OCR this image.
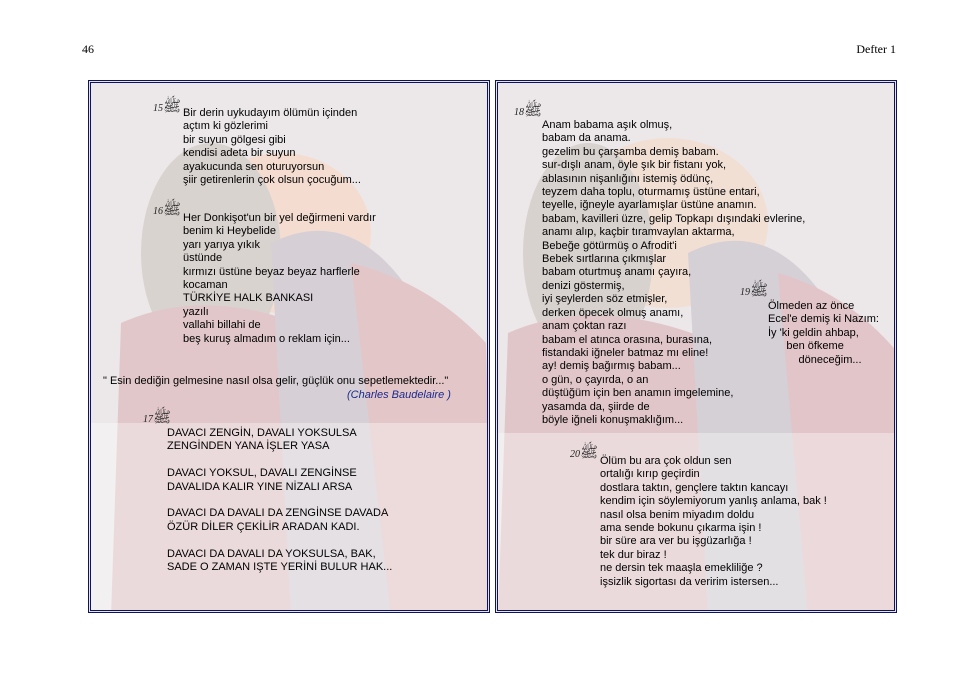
46	Defter 1
ﷺ15	Bir derin uykudayım ölümün içinden
açtım ki gözlerimi
bir suyun gölgesi gibi
kendisi adeta bir suyun
ayakucunda sen oturuyorsun
şiir getirenlerin çok olsun çocuğum...
ﷺ16
Her Donkişot'un bir yel değirmeni vardır
benim ki Heybelide
yarı yarıya yıkık
üstünde
kırmızı üstüne beyaz beyaz harflerle
kocaman
TÜRKİYE HALK BANKASI
yazılı
vallahi billahi de
beş kuruş almadım o reklam için...
" Esin dediğin gelmesine nasıl olsa gelir, güçlük onu sepetlemektedir..."
(Charles Baudelaire )
ﷺ17
DAVACI ZENGİN, DAVALI YOKSULSA
ZENGİNDEN YANA İŞLER YASA

DAVACI YOKSUL, DAVALI ZENGİNSE
DAVALIDA KALIR YINE NİZALI ARSA

DAVACI DA DAVALI DA ZENGİNSE DAVADA
ÖZÜR DİLER ÇEKİLİR ARADAN KADI.

DAVACI DA DAVALI DA YOKSULSA, BAK,
SADE O ZAMAN IŞTE YERİNİ BULUR HAK...
ﷺ18
Anam babama aşık olmuş,
babam da anama.
gezelim bu çarşamba demiş babam.
sur-dışlı anam, öyle şık bir fistanı yok,
ablasının nişanlığını istemiş ödünç,
teyzem daha toplu, oturmamış üstüne entari,
teyelle, iğneyle ayarlamışlar üstüne anamın.
babam, kavilleri üzre, gelip Topkapı dışındaki evlerine,
anamı alıp, kaçbir tıramvaylan aktarma,
Bebeğe götürmüş o Afrodit'i
Bebek sırtlarına çıkmışlar
babam oturtmuş anamı çayıra,
denizi göstermiş,
iyi şeylerden söz etmişler,
derken öpecek olmuş anamı,
anam çoktan razı
babam el atınca orasına, burasına,
fistandaki iğneler batmaz mı eline!
ay! demiş bağırmış babam...
o gün, o çayırda, o an
düştüğüm için ben anamın imgelemine,
yasamda da, şiirde de
böyle iğneli konuşmaklığım...
ﷺ19
Ölmeden az önce
Ecel'e demiş ki Nazım:
İy 'ki geldin ahbap,
ben öfkeme
döneceğim...
ﷺ20
Ölüm bu ara çok oldun sen
ortalığı kırıp geçirdin
dostlara taktın, gençlere taktın kancayı
kendim için söylemiyorum yanlış anlama, bak !
nasıl olsa benim miyadım doldu
ama sende bokunu çıkarma işin !
bir süre ara ver bu işgüzarlığa !
tek dur biraz !
ne dersin tek maaşla emekliliğe ?
işsizlik sigortası da veririm istersen...
